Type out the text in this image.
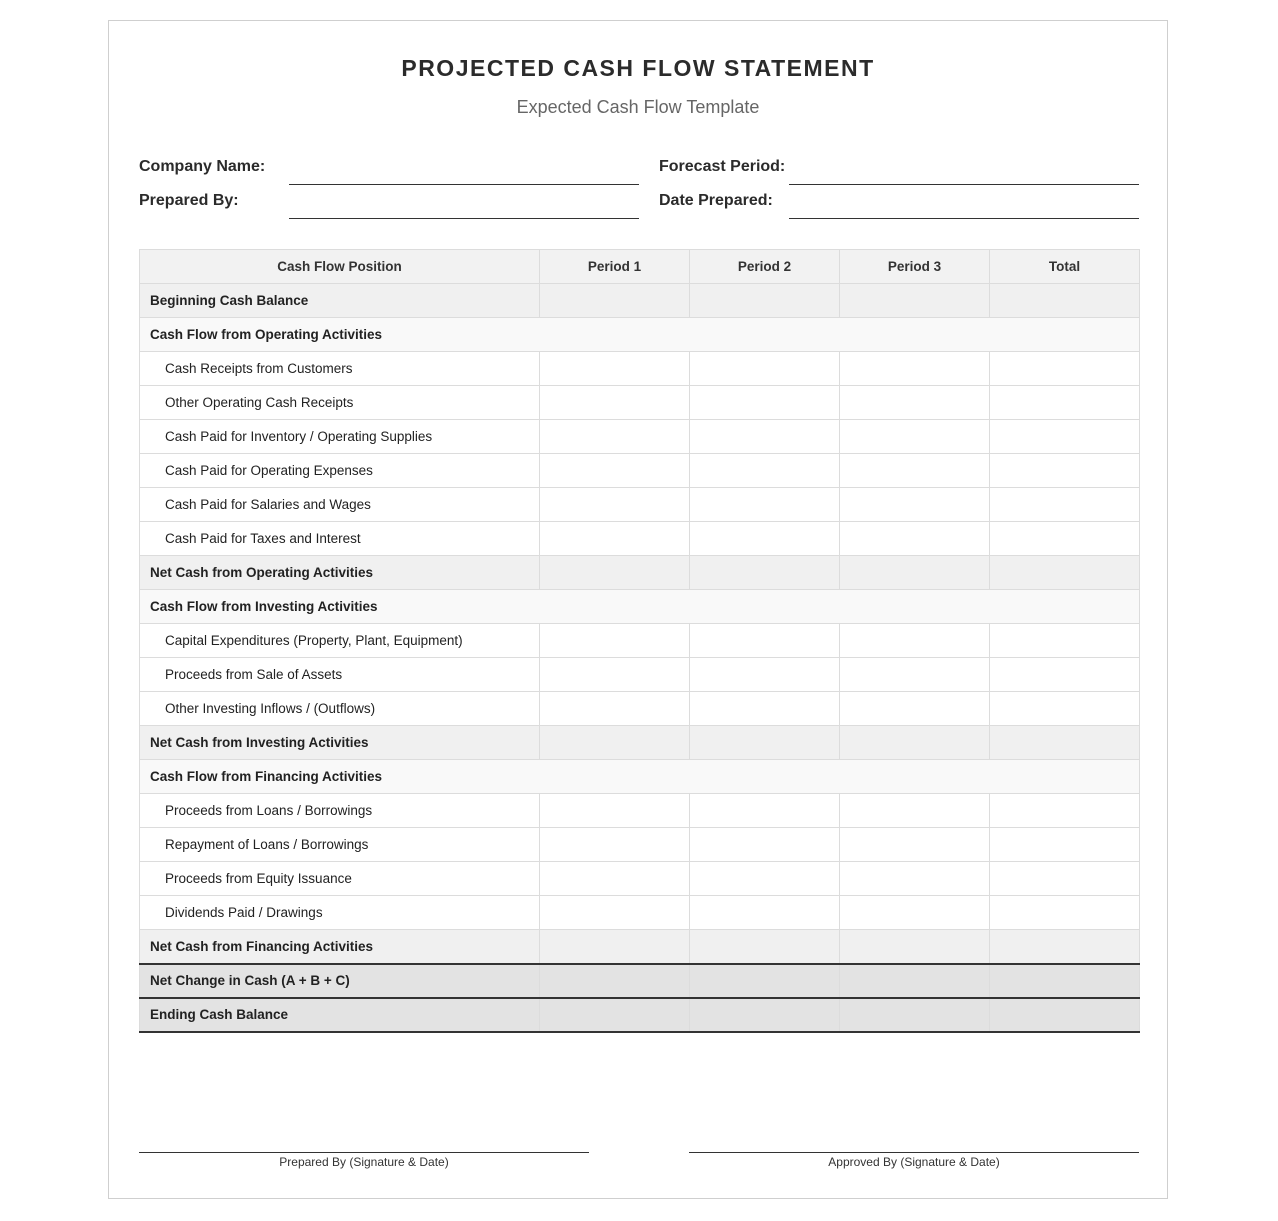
PROJECTED CASH FLOW STATEMENT
Expected Cash Flow Template
Company Name:	Forecast Period:
Prepared By:	Date Prepared:
Cash Flow Position	Period 1	Period 2	Period 3	Total
Beginning Cash Balance				
Cash Flow from Operating Activities				
Cash Receipts from Customers				
Other Operating Cash Receipts				
Cash Paid for Inventory / Operating Supplies				
Cash Paid for Operating Expenses				
Cash Paid for Salaries and Wages				
Cash Paid for Taxes and Interest				
Net Cash from Operating Activities				
Cash Flow from Investing Activities				
Capital Expenditures (Property, Plant, Equipment)				
Proceeds from Sale of Assets				
Other Investing Inflows / (Outflows)				
Net Cash from Investing Activities				
Cash Flow from Financing Activities				
Proceeds from Loans / Borrowings				
Repayment of Loans / Borrowings				
Proceeds from Equity Issuance				
Dividends Paid / Drawings				
Net Cash from Financing Activities				
Net Change in Cash (A + B + C)				
Ending Cash Balance				
Prepared By (Signature & Date)	Approved By (Signature & Date)
